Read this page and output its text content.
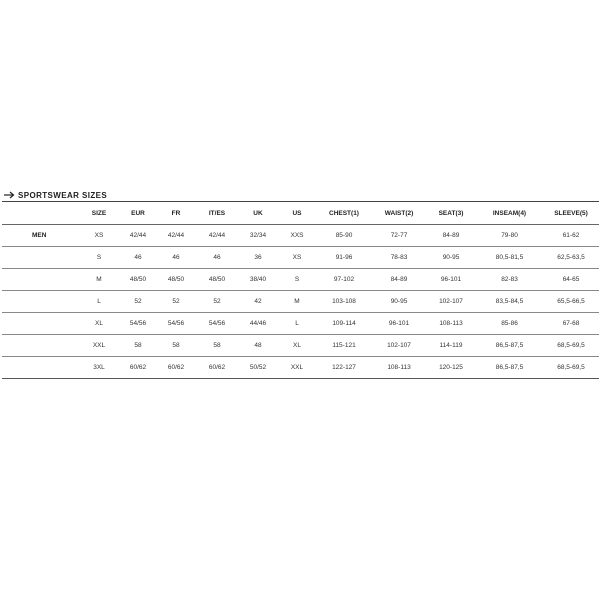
SPORTSWEAR SIZES
	SIZE	EUR	FR	IT/ES	UK	US	CHEST(1)	WAIST(2)	SEAT(3)	INSEAM(4)	SLEEVE(5)
MEN	XS	42/44	42/44	42/44	32/34	XXS	85-90	72-77	84-89	79-80	61-62
	S	46	46	46	36	XS	91-96	78-83	90-95	80,5-81,5	62,5-63,5
	M	48/50	48/50	48/50	38/40	S	97-102	84-89	96-101	82-83	64-65
	L	52	52	52	42	M	103-108	90-95	102-107	83,5-84,5	65,5-66,5
	XL	54/56	54/56	54/56	44/46	L	109-114	96-101	108-113	85-86	67-68
	XXL	58	58	58	48	XL	115-121	102-107	114-119	86,5-87,5	68,5-69,5
	3XL	60/62	60/62	60/62	50/52	XXL	122-127	108-113	120-125	86,5-87,5	68,5-69,5
